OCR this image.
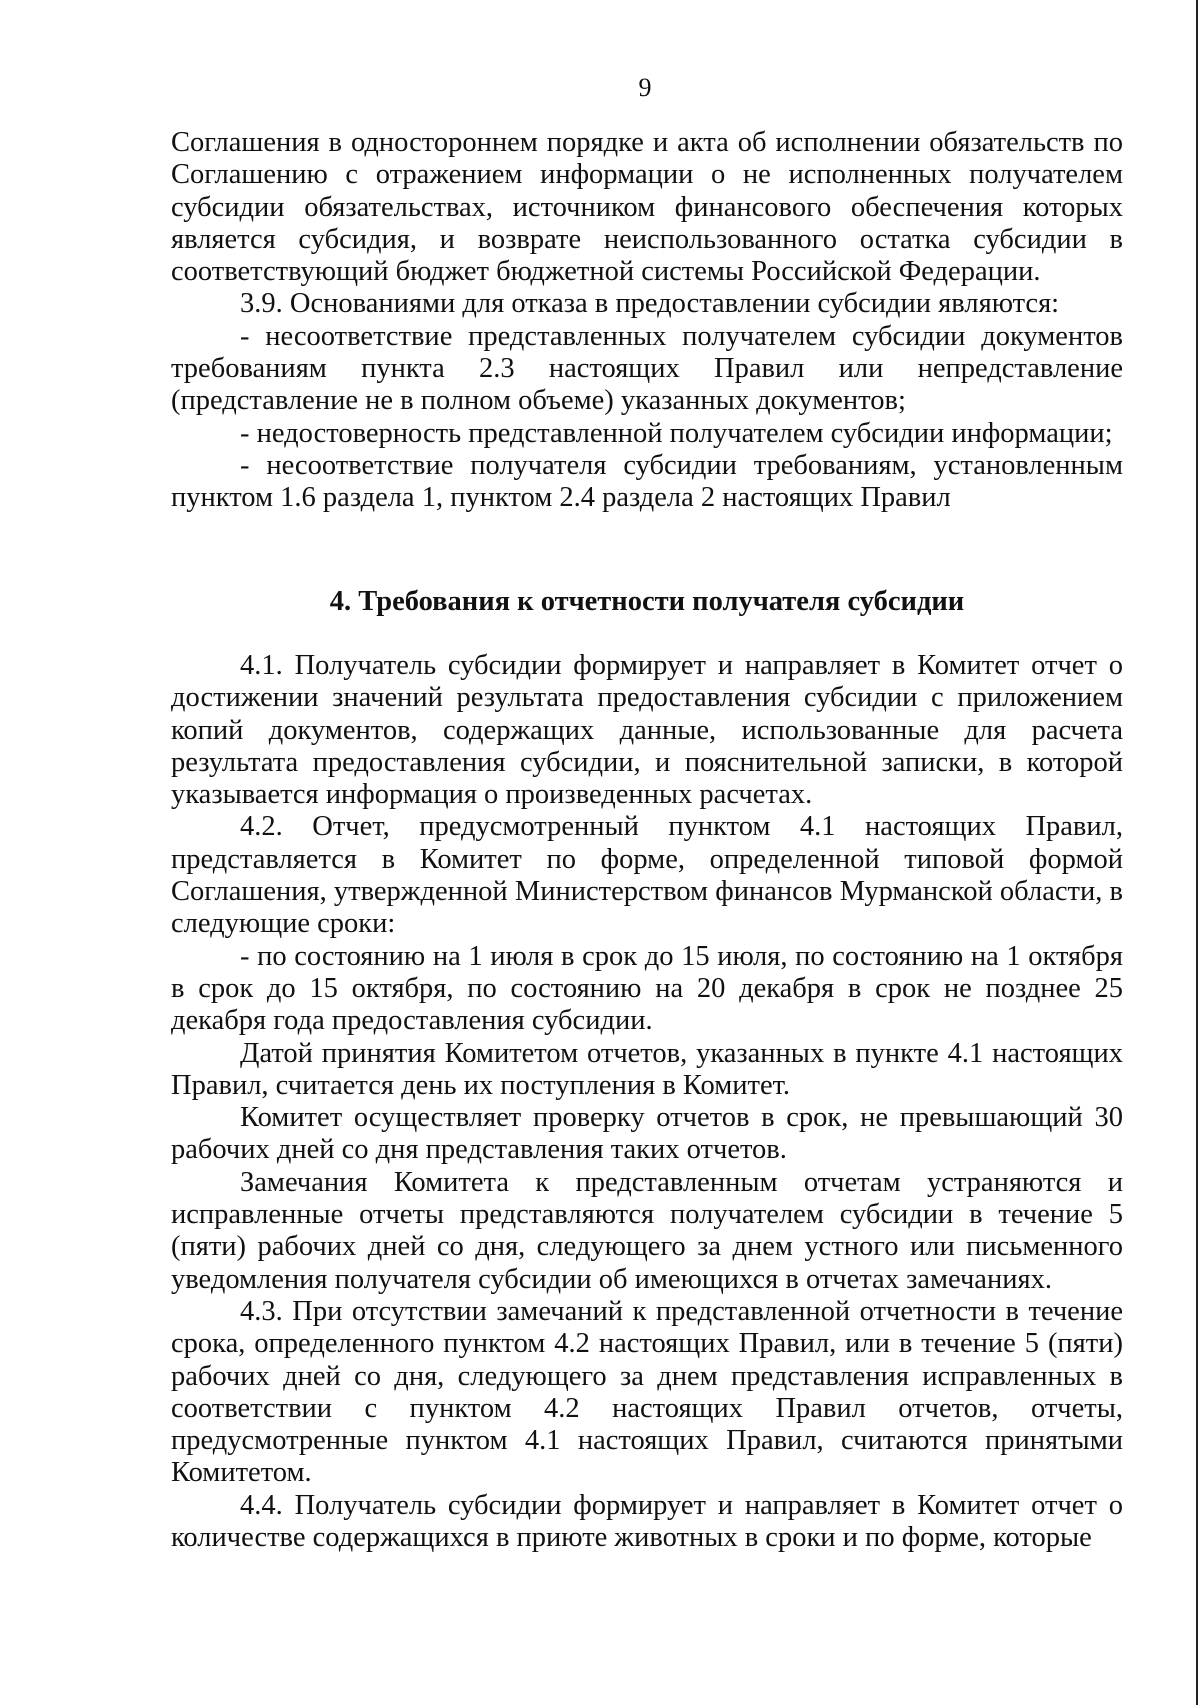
9

Соглашения в одностороннем порядке и акта об исполнении обязательств по Соглашению с отражением информации о не исполненных получателем субсидии обязательствах, источником финансового обеспечения которых является субсидия, и возврате неиспользованного остатка субсидии в соответствующий бюджет бюджетной системы Российской Федерации.

3.9. Основаниями для отказа в предоставлении субсидии являются:

- несоответствие представленных получателем субсидии документов требованиям пункта 2.3 настоящих Правил или непредставление (представление не в полном объеме) указанных документов;

- недостоверность представленной получателем субсидии информации;

- несоответствие получателя субсидии требованиям, установленным пунктом 1.6 раздела 1, пунктом 2.4 раздела 2 настоящих Правил

4. Требования к отчетности получателя субсидии

4.1. Получатель субсидии формирует и направляет в Комитет отчет о достижении значений результата предоставления субсидии с приложением копий документов, содержащих данные, использованные для расчета результата предоставления субсидии, и пояснительной записки, в которой указывается информация о произведенных расчетах.

4.2. Отчет, предусмотренный пунктом 4.1 настоящих Правил, представляется в Комитет по форме, определенной типовой формой Соглашения, утвержденной Министерством финансов Мурманской области, в следующие сроки:

- по состоянию на 1 июля в срок до 15 июля, по состоянию на 1 октября в срок до 15 октября, по состоянию на 20 декабря в срок не позднее 25 декабря года предоставления субсидии.

Датой принятия Комитетом отчетов, указанных в пункте 4.1 настоящих Правил, считается день их поступления в Комитет.

Комитет осуществляет проверку отчетов в срок, не превышающий 30 рабочих дней со дня представления таких отчетов.

Замечания Комитета к представленным отчетам устраняются и исправленные отчеты представляются получателем субсидии в течение 5 (пяти) рабочих дней со дня, следующего за днем устного или письменного уведомления получателя субсидии об имеющихся в отчетах замечаниях.

4.3. При отсутствии замечаний к представленной отчетности в течение срока, определенного пунктом 4.2 настоящих Правил, или в течение 5 (пяти) рабочих дней со дня, следующего за днем представления исправленных в соответствии с пунктом 4.2 настоящих Правил отчетов, отчеты, предусмотренные пунктом 4.1 настоящих Правил, считаются принятыми Комитетом.

4.4. Получатель субсидии формирует и направляет в Комитет отчет о количестве содержащихся в приюте животных в сроки и по форме, которые
